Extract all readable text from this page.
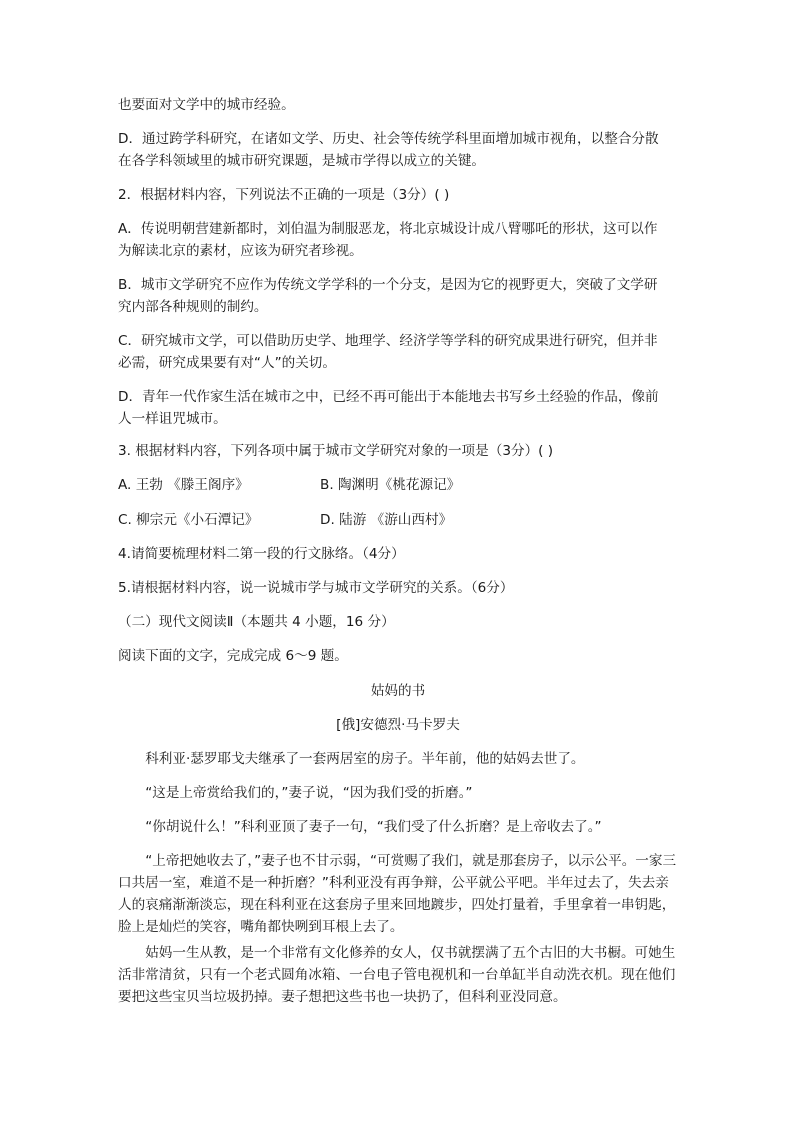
也要面对文学中的城市经验。
D．通过跨学科研究，在诸如文学、历史、社会等传统学科里面增加城市视角，以整合分散
在各学科领域里的城市研究课题，是城市学得以成立的关键。
2．根据材料内容，下列说法不正确的一项是（3分）( )
A．传说明朝营建新都时，刘伯温为制服恶龙，将北京城设计成八臂哪吒的形状，这可以作
为解读北京的素材，应该为研究者珍视。
B．城市文学研究不应作为传统文学学科的一个分支，是因为它的视野更大，突破了文学研
究内部各种规则的制约。
C．研究城市文学，可以借助历史学、地理学、经济学等学科的研究成果进行研究，但并非
必需，研究成果要有对“人”的关切。
D．青年一代作家生活在城市之中，已经不再可能出于本能地去书写乡土经验的作品，像前
人一样诅咒城市。
3. 根据材料内容，下列各项中属于城市文学研究对象的一项是（3分）( )
A. 王勃 《滕王阁序》	B. 陶渊明《桃花源记》
C. 柳宗元《小石潭记》	D. 陆游 《游山西村》
4.请简要梳理材料二第一段的行文脉络。（4分）
5.请根据材料内容，说一说城市学与城市文学研究的关系。（6分）
（二）现代文阅读Ⅱ（本题共 4 小题，16 分）
阅读下面的文字，完成完成 6～9 题。
姑妈的书
[俄]安德烈·马卡罗夫
科利亚·瑟罗耶戈夫继承了一套两居室的房子。半年前，他的姑妈去世了。
“这是上帝赏给我们的，”妻子说，“因为我们受的折磨。”
“你胡说什么！”科利亚顶了妻子一句，“我们受了什么折磨？是上帝收去了。”
“上帝把她收去了，”妻子也不甘示弱，“可赏赐了我们，就是那套房子，以示公平。一家三口共居一室，难道不是一种折磨？”科利亚没有再争辩，公平就公平吧。半年过去了，失去亲人的哀痛渐渐淡忘，现在科利亚在这套房子里来回地踱步，四处打量着，手里拿着一串钥匙，脸上是灿烂的笑容，嘴角都快咧到耳根上去了。
姑妈一生从教，是一个非常有文化修养的女人，仅书就摆满了五个古旧的大书橱。可她生活非常清贫，只有一个老式圆角冰箱、一台电子管电视机和一台单缸半自动洗衣机。现在他们要把这些宝贝当垃圾扔掉。妻子想把这些书也一块扔了，但科利亚没同意。
